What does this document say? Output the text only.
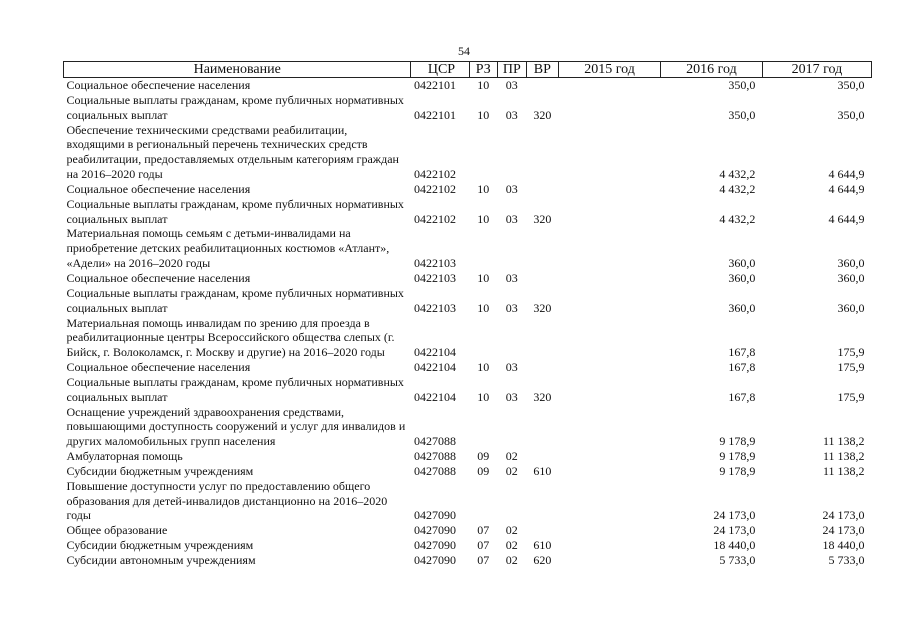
54
Наименование	ЦСР	РЗ	ПР	ВР	2015 год	2016 год	2017 год
Социальное обеспечение населения	0422101	10	03			350,0	350,0
Социальные выплаты гражданам, кроме публичных нормативных социальных выплат	0422101	10	03	320		350,0	350,0
Обеспечение техническими средствами реабилитации, входящими в региональный перечень технических средств реабилитации, предоставляемых отдельным категориям граждан на 2016–2020 годы	0422102					4 432,2	4 644,9
Социальное обеспечение населения	0422102	10	03			4 432,2	4 644,9
Социальные выплаты гражданам, кроме публичных нормативных социальных выплат	0422102	10	03	320		4 432,2	4 644,9
Материальная помощь семьям с детьми-инвалидами на приобретение детских реабилитационных костюмов «Атлант», «Адели» на 2016–2020 годы	0422103					360,0	360,0
Социальное обеспечение населения	0422103	10	03			360,0	360,0
Социальные выплаты гражданам, кроме публичных нормативных социальных выплат	0422103	10	03	320		360,0	360,0
Материальная помощь инвалидам по зрению для проезда в реабилитационные центры Всероссийского общества слепых (г. Бийск, г. Волоколамск, г. Москву и другие) на 2016–2020 годы	0422104					167,8	175,9
Социальное обеспечение населения	0422104	10	03			167,8	175,9
Социальные выплаты гражданам, кроме публичных нормативных социальных выплат	0422104	10	03	320		167,8	175,9
Оснащение учреждений здравоохранения средствами, повышающими доступность сооружений и услуг для инвалидов и других маломобильных групп населения	0427088					9 178,9	11 138,2
Амбулаторная помощь	0427088	09	02			9 178,9	11 138,2
Субсидии бюджетным учреждениям	0427088	09	02	610		9 178,9	11 138,2
Повышение доступности услуг по предоставлению общего образования для детей-инвалидов дистанционно на 2016–2020 годы	0427090					24 173,0	24 173,0
Общее образование	0427090	07	02			24 173,0	24 173,0
Субсидии бюджетным учреждениям	0427090	07	02	610		18 440,0	18 440,0
Субсидии автономным учреждениям	0427090	07	02	620		5 733,0	5 733,0
